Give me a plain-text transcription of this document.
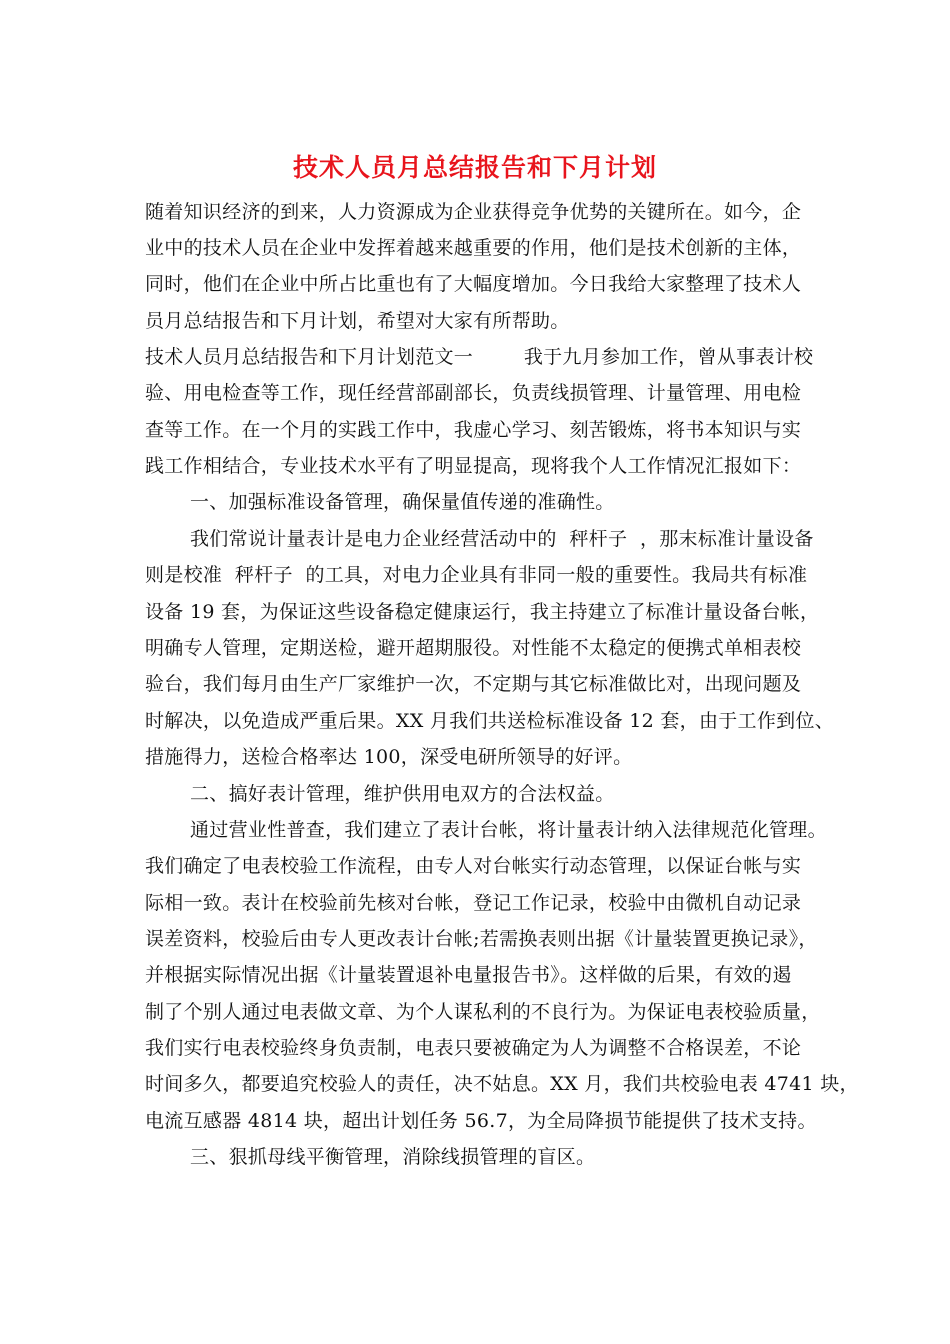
技术人员月总结报告和下月计划
随着知识经济的到来，人力资源成为企业获得竞争优势的关键所在。如今，企
业中的技术人员在企业中发挥着越来越重要的作用，他们是技术创新的主体，
同时，他们在企业中所占比重也有了大幅度增加。今日我给大家整理了技术人
员月总结报告和下月计划，希望对大家有所帮助。
技术人员月总结报告和下月计划范文一        我于九月参加工作，曾从事表计校
验、用电检查等工作，现任经营部副部长，负责线损管理、计量管理、用电检
查等工作。在一个月的实践工作中，我虚心学习、刻苦锻炼，将书本知识与实
践工作相结合，专业技术水平有了明显提高，现将我个人工作情况汇报如下：
一、加强标准设备管理，确保量值传递的准确性。
我们常说计量表计是电力企业经营活动中的  秤杆子  ，那末标准计量设备
则是校准  秤杆子  的工具，对电力企业具有非同一般的重要性。我局共有标准
设备 19 套，为保证这些设备稳定健康运行，我主持建立了标准计量设备台帐，
明确专人管理，定期送检，避开超期服役。对性能不太稳定的便携式单相表校
验台，我们每月由生产厂家维护一次，不定期与其它标准做比对，出现问题及
时解决，以免造成严重后果。XX 月我们共送检标准设备 12 套，由于工作到位、
措施得力，送检合格率达 100，深受电研所领导的好评。
二、搞好表计管理，维护供用电双方的合法权益。
通过营业性普查，我们建立了表计台帐，将计量表计纳入法律规范化管理。
我们确定了电表校验工作流程，由专人对台帐实行动态管理，以保证台帐与实
际相一致。表计在校验前先核对台帐，登记工作记录，校验中由微机自动记录
误差资料，校验后由专人更改表计台帐;若需换表则出据《计量装置更换记录》，
并根据实际情况出据《计量装置退补电量报告书》。这样做的后果，有效的遏
制了个别人通过电表做文章、为个人谋私利的不良行为。为保证电表校验质量，
我们实行电表校验终身负责制，电表只要被确定为人为调整不合格误差，不论
时间多久，都要追究校验人的责任，决不姑息。XX 月，我们共校验电表 4741 块，
电流互感器 4814 块，超出计划任务 56.7，为全局降损节能提供了技术支持。
三、狠抓母线平衡管理，消除线损管理的盲区。
